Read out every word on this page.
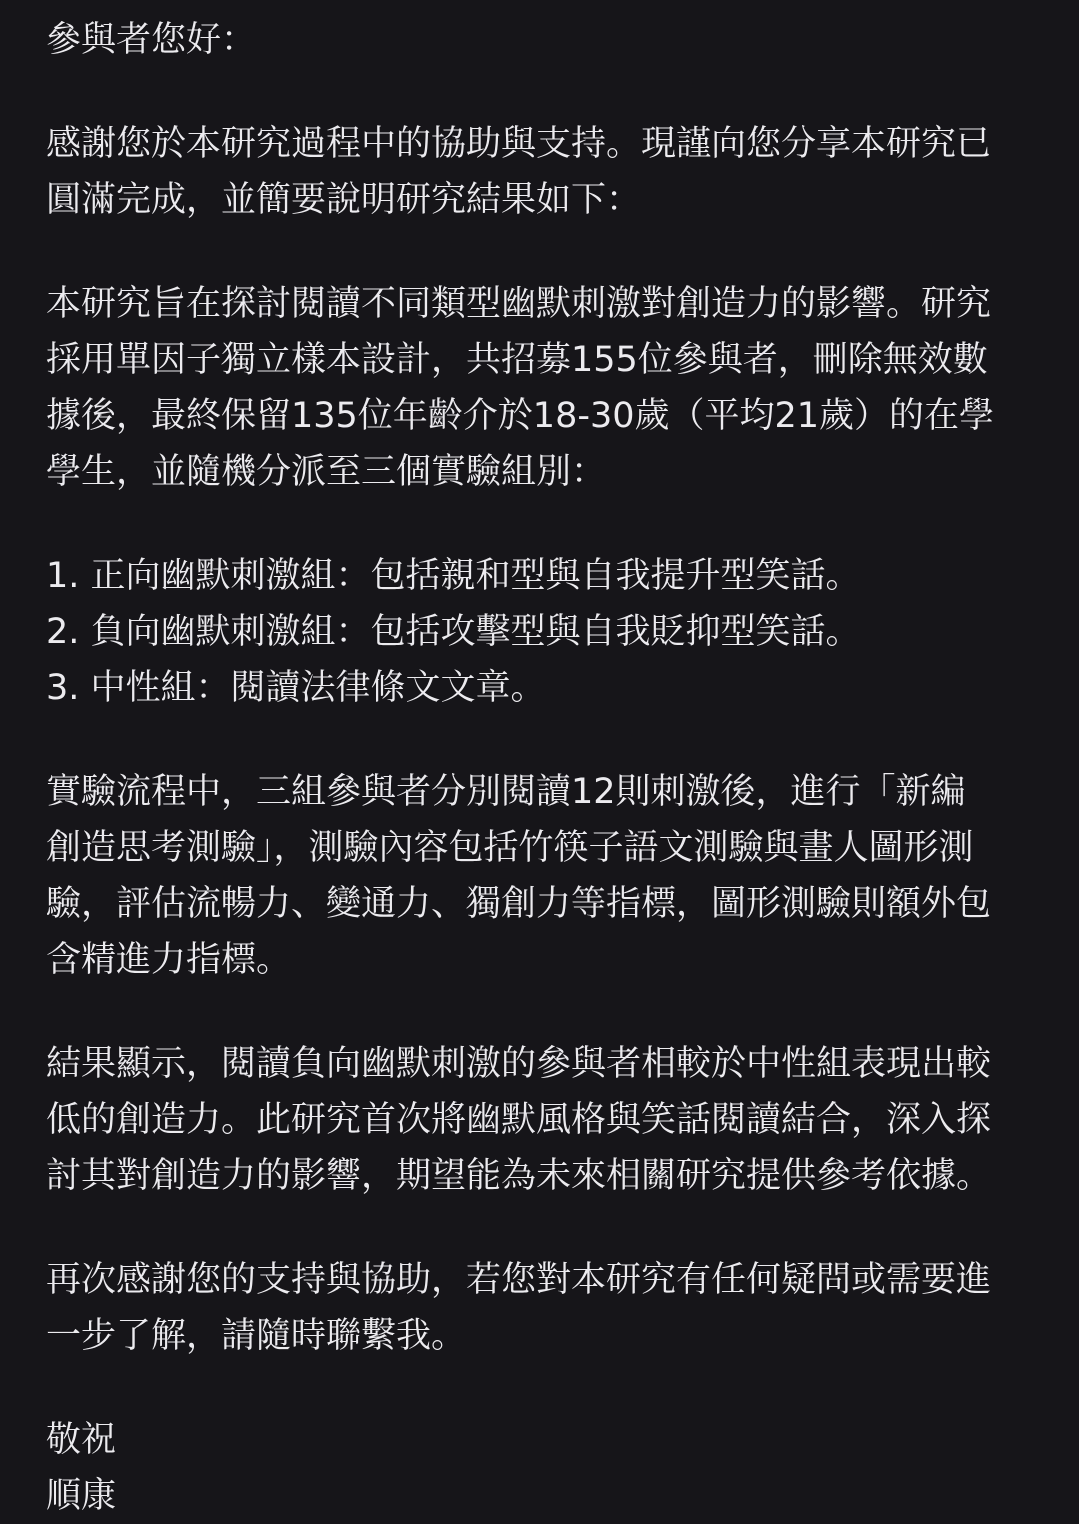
參與者您好：
感謝您於本研究過程中的協助與支持。現謹向您分享本研究已
圓滿完成，並簡要說明研究結果如下：
本研究旨在探討閱讀不同類型幽默刺激對創造力的影響。研究
採用單因子獨立樣本設計，共招募155位參與者，刪除無效數
據後，最終保留135位年齡介於18-30歲（平均21歲）的在學
學生，並隨機分派至三個實驗組別：
1. 正向幽默刺激組：包括親和型與自我提升型笑話。
2. 負向幽默刺激組：包括攻擊型與自我貶抑型笑話。
3. 中性組：閱讀法律條文文章。
實驗流程中，三組參與者分別閱讀12則刺激後，進行「新編
創造思考測驗」，測驗內容包括竹筷子語文測驗與畫人圖形測
驗，評估流暢力、變通力、獨創力等指標，圖形測驗則額外包
含精進力指標。
結果顯示，閱讀負向幽默刺激的參與者相較於中性組表現出較
低的創造力。此研究首次將幽默風格與笑話閱讀結合，深入探
討其對創造力的影響，期望能為未來相關研究提供參考依據。
再次感謝您的支持與協助，若您對本研究有任何疑問或需要進
一步了解，請隨時聯繫我。
敬祝
順康
